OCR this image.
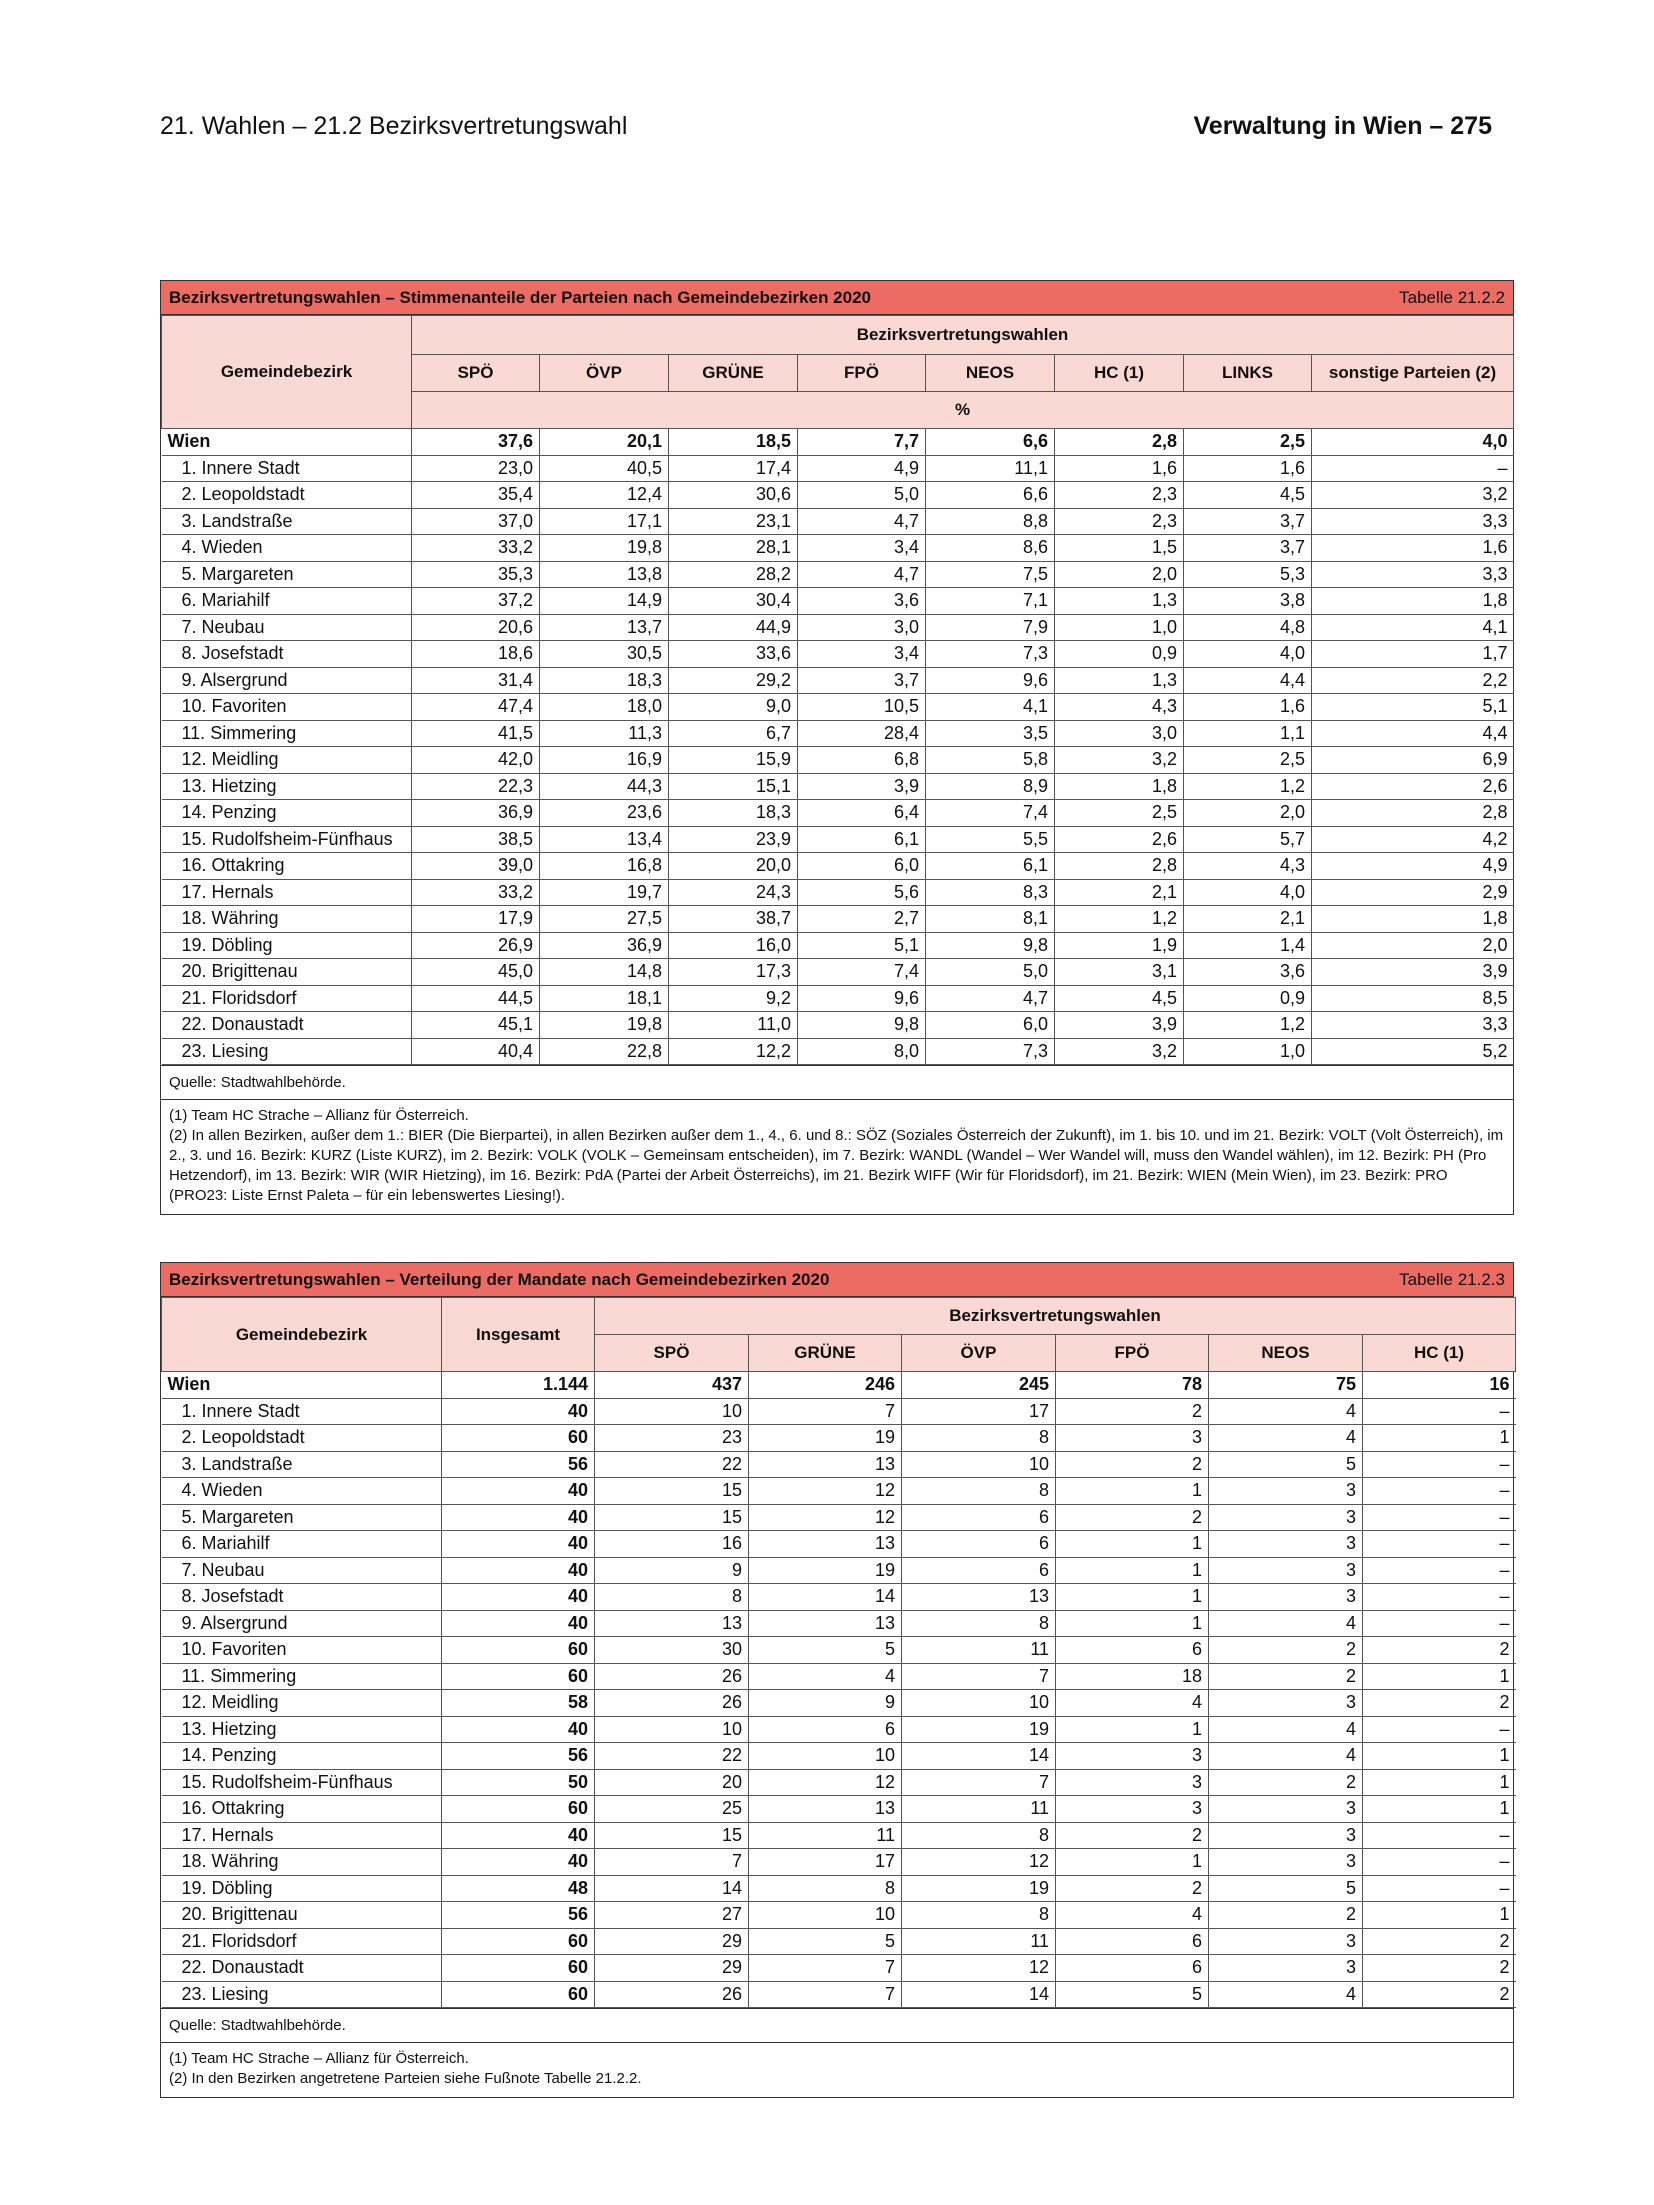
21. Wahlen – 21.2 Bezirksvertretungswahl	Verwaltung in Wien – 275
Bezirksvertretungswahlen – Stimmenanteile der Parteien nach Gemeindebezirken 2020	Tabelle 21.2.2
Gemeindebezirk	Bezirksvertretungswahlen							
	SPÖ	ÖVP	GRÜNE	FPÖ	NEOS	HC (1)	LINKS	sonstige Parteien (2)
	%							
Wien	37,6	20,1	18,5	7,7	6,6	2,8	2,5	4,0
1. Innere Stadt	23,0	40,5	17,4	4,9	11,1	1,6	1,6	–
2. Leopoldstadt	35,4	12,4	30,6	5,0	6,6	2,3	4,5	3,2
3. Landstraße	37,0	17,1	23,1	4,7	8,8	2,3	3,7	3,3
4. Wieden	33,2	19,8	28,1	3,4	8,6	1,5	3,7	1,6
5. Margareten	35,3	13,8	28,2	4,7	7,5	2,0	5,3	3,3
6. Mariahilf	37,2	14,9	30,4	3,6	7,1	1,3	3,8	1,8
7. Neubau	20,6	13,7	44,9	3,0	7,9	1,0	4,8	4,1
8. Josefstadt	18,6	30,5	33,6	3,4	7,3	0,9	4,0	1,7
9. Alsergrund	31,4	18,3	29,2	3,7	9,6	1,3	4,4	2,2
10. Favoriten	47,4	18,0	9,0	10,5	4,1	4,3	1,6	5,1
11. Simmering	41,5	11,3	6,7	28,4	3,5	3,0	1,1	4,4
12. Meidling	42,0	16,9	15,9	6,8	5,8	3,2	2,5	6,9
13. Hietzing	22,3	44,3	15,1	3,9	8,9	1,8	1,2	2,6
14. Penzing	36,9	23,6	18,3	6,4	7,4	2,5	2,0	2,8
15. Rudolfsheim-Fünfhaus	38,5	13,4	23,9	6,1	5,5	2,6	5,7	4,2
16. Ottakring	39,0	16,8	20,0	6,0	6,1	2,8	4,3	4,9
17. Hernals	33,2	19,7	24,3	5,6	8,3	2,1	4,0	2,9
18. Währing	17,9	27,5	38,7	2,7	8,1	1,2	2,1	1,8
19. Döbling	26,9	36,9	16,0	5,1	9,8	1,9	1,4	2,0
20. Brigittenau	45,0	14,8	17,3	7,4	5,0	3,1	3,6	3,9
21. Floridsdorf	44,5	18,1	9,2	9,6	4,7	4,5	0,9	8,5
22. Donaustadt	45,1	19,8	11,0	9,8	6,0	3,9	1,2	3,3
23. Liesing	40,4	22,8	12,2	8,0	7,3	3,2	1,0	5,2
Quelle: Stadtwahlbehörde.
(1) Team HC Strache – Allianz für Österreich.
(2) In allen Bezirken, außer dem 1.: BIER (Die Bierpartei), in allen Bezirken außer dem 1., 4., 6. und 8.: SÖZ (Soziales Österreich der Zukunft), im 1. bis 10. und im 21. Bezirk: VOLT (Volt Österreich), im 2., 3. und 16. Bezirk: KURZ (Liste KURZ), im 2. Bezirk: VOLK (VOLK – Gemeinsam entscheiden), im 7. Bezirk: WANDL (Wandel – Wer Wandel will, muss den Wandel wählen), im 12. Bezirk: PH (Pro Hetzendorf), im 13. Bezirk: WIR (WIR Hietzing), im 16. Bezirk: PdA (Partei der Arbeit Österreichs), im 21. Bezirk WIFF (Wir für Floridsdorf), im 21. Bezirk: WIEN (Mein Wien), im 23. Bezirk: PRO (PRO23: Liste Ernst Paleta – für ein lebenswertes Liesing!).
Bezirksvertretungswahlen – Verteilung der Mandate nach Gemeindebezirken 2020	Tabelle 21.2.3
Gemeindebezirk	Insgesamt	Bezirksvertretungswahlen					
		SPÖ	GRÜNE	ÖVP	FPÖ	NEOS	HC (1)
Wien	1.144	437	246	245	78	75	16
1. Innere Stadt	40	10	7	17	2	4	–
2. Leopoldstadt	60	23	19	8	3	4	1
3. Landstraße	56	22	13	10	2	5	–
4. Wieden	40	15	12	8	1	3	–
5. Margareten	40	15	12	6	2	3	–
6. Mariahilf	40	16	13	6	1	3	–
7. Neubau	40	9	19	6	1	3	–
8. Josefstadt	40	8	14	13	1	3	–
9. Alsergrund	40	13	13	8	1	4	–
10. Favoriten	60	30	5	11	6	2	2
11. Simmering	60	26	4	7	18	2	1
12. Meidling	58	26	9	10	4	3	2
13. Hietzing	40	10	6	19	1	4	–
14. Penzing	56	22	10	14	3	4	1
15. Rudolfsheim-Fünfhaus	50	20	12	7	3	2	1
16. Ottakring	60	25	13	11	3	3	1
17. Hernals	40	15	11	8	2	3	–
18. Währing	40	7	17	12	1	3	–
19. Döbling	48	14	8	19	2	5	–
20. Brigittenau	56	27	10	8	4	2	1
21. Floridsdorf	60	29	5	11	6	3	2
22. Donaustadt	60	29	7	12	6	3	2
23. Liesing	60	26	7	14	5	4	2
Quelle: Stadtwahlbehörde.
(1) Team HC Strache – Allianz für Österreich.
(2) In den Bezirken angetretene Parteien siehe Fußnote Tabelle 21.2.2.
